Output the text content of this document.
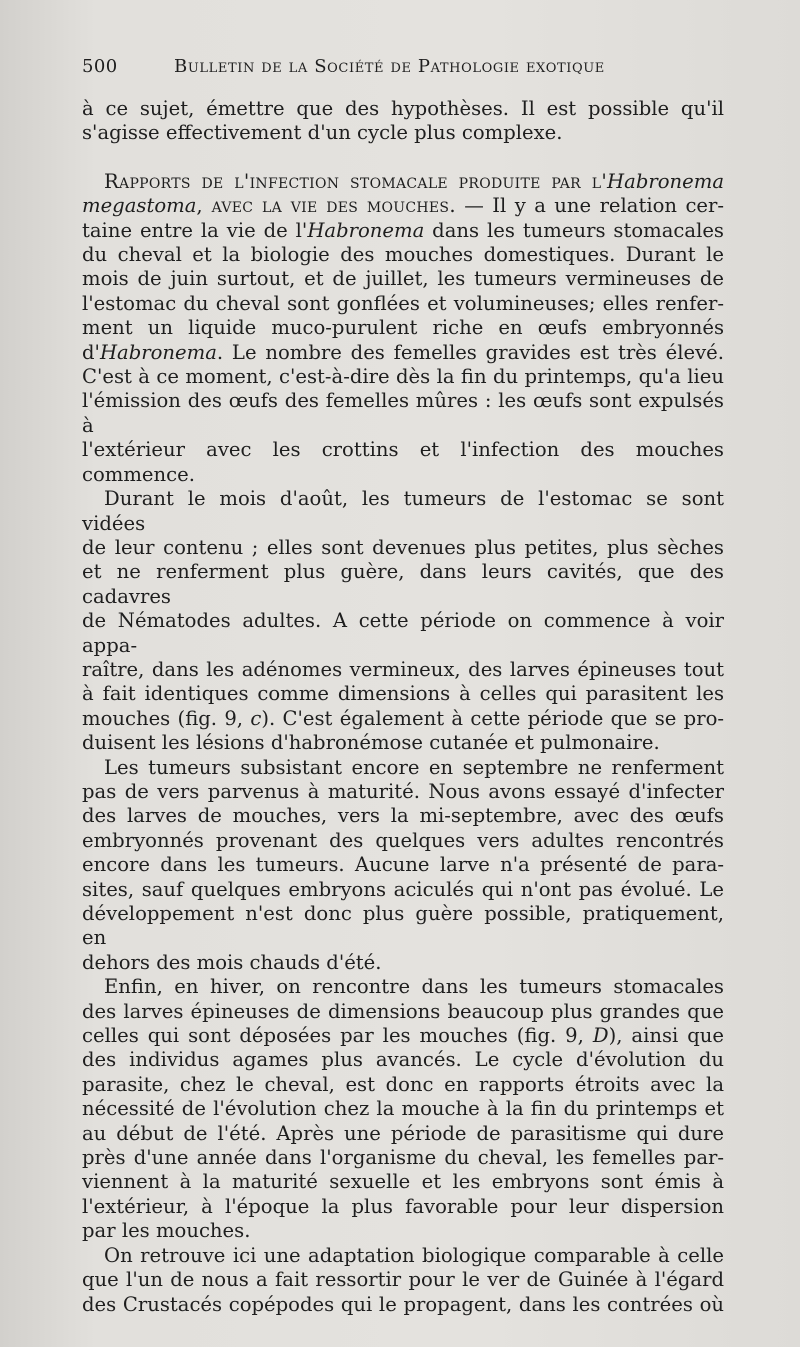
500	Bulletin de la Société de Pathologie exotique

à ce sujet, émettre que des hypothèses. Il est possible qu'il

s'agisse effectivement d'un cycle plus complexe.

Rapports de l'infection stomacale produite par l'Habronema

megastoma, avec la vie des mouches. — Il y a une relation cer-

taine entre la vie de l'Habronema dans les tumeurs stomacales

du cheval et la biologie des mouches domestiques. Durant le

mois de juin surtout, et de juillet, les tumeurs vermineuses de

l'estomac du cheval sont gonflées et volumineuses; elles renfer-

ment un liquide muco-purulent riche en œufs embryonnés

d'Habronema. Le nombre des femelles gravides est très élevé.

C'est à ce moment, c'est-à-dire dès la fin du printemps, qu'a lieu

l'émission des œufs des femelles mûres : les œufs sont expulsés à

l'extérieur avec les crottins et l'infection des mouches commence.

Durant le mois d'août, les tumeurs de l'estomac se sont vidées

de leur contenu ; elles sont devenues plus petites, plus sèches

et ne renferment plus guère, dans leurs cavités, que des cadavres

de Nématodes adultes. A cette période on commence à voir appa-

raître, dans les adénomes vermineux, des larves épineuses tout

à fait identiques comme dimensions à celles qui parasitent les

mouches (fig. 9, c). C'est également à cette période que se pro-

duisent les lésions d'habronémose cutanée et pulmonaire.

Les tumeurs subsistant encore en septembre ne renferment

pas de vers parvenus à maturité. Nous avons essayé d'infecter

des larves de mouches, vers la mi-septembre, avec des œufs

embryonnés provenant des quelques vers adultes rencontrés

encore dans les tumeurs. Aucune larve n'a présenté de para-

sites, sauf quelques embryons aciculés qui n'ont pas évolué. Le

développement n'est donc plus guère possible, pratiquement, en

dehors des mois chauds d'été.

Enfin, en hiver, on rencontre dans les tumeurs stomacales

des larves épineuses de dimensions beaucoup plus grandes que

celles qui sont déposées par les mouches (fig. 9, D), ainsi que

des individus agames plus avancés. Le cycle d'évolution du

parasite, chez le cheval, est donc en rapports étroits avec la

nécessité de l'évolution chez la mouche à la fin du printemps et

au début de l'été. Après une période de parasitisme qui dure

près d'une année dans l'organisme du cheval, les femelles par-

viennent à la maturité sexuelle et les embryons sont émis à

l'extérieur, à l'époque la plus favorable pour leur dispersion

par les mouches.

On retrouve ici une adaptation biologique comparable à celle

que l'un de nous a fait ressortir pour le ver de Guinée à l'égard

des Crustacés copépodes qui le propagent, dans les contrées où
